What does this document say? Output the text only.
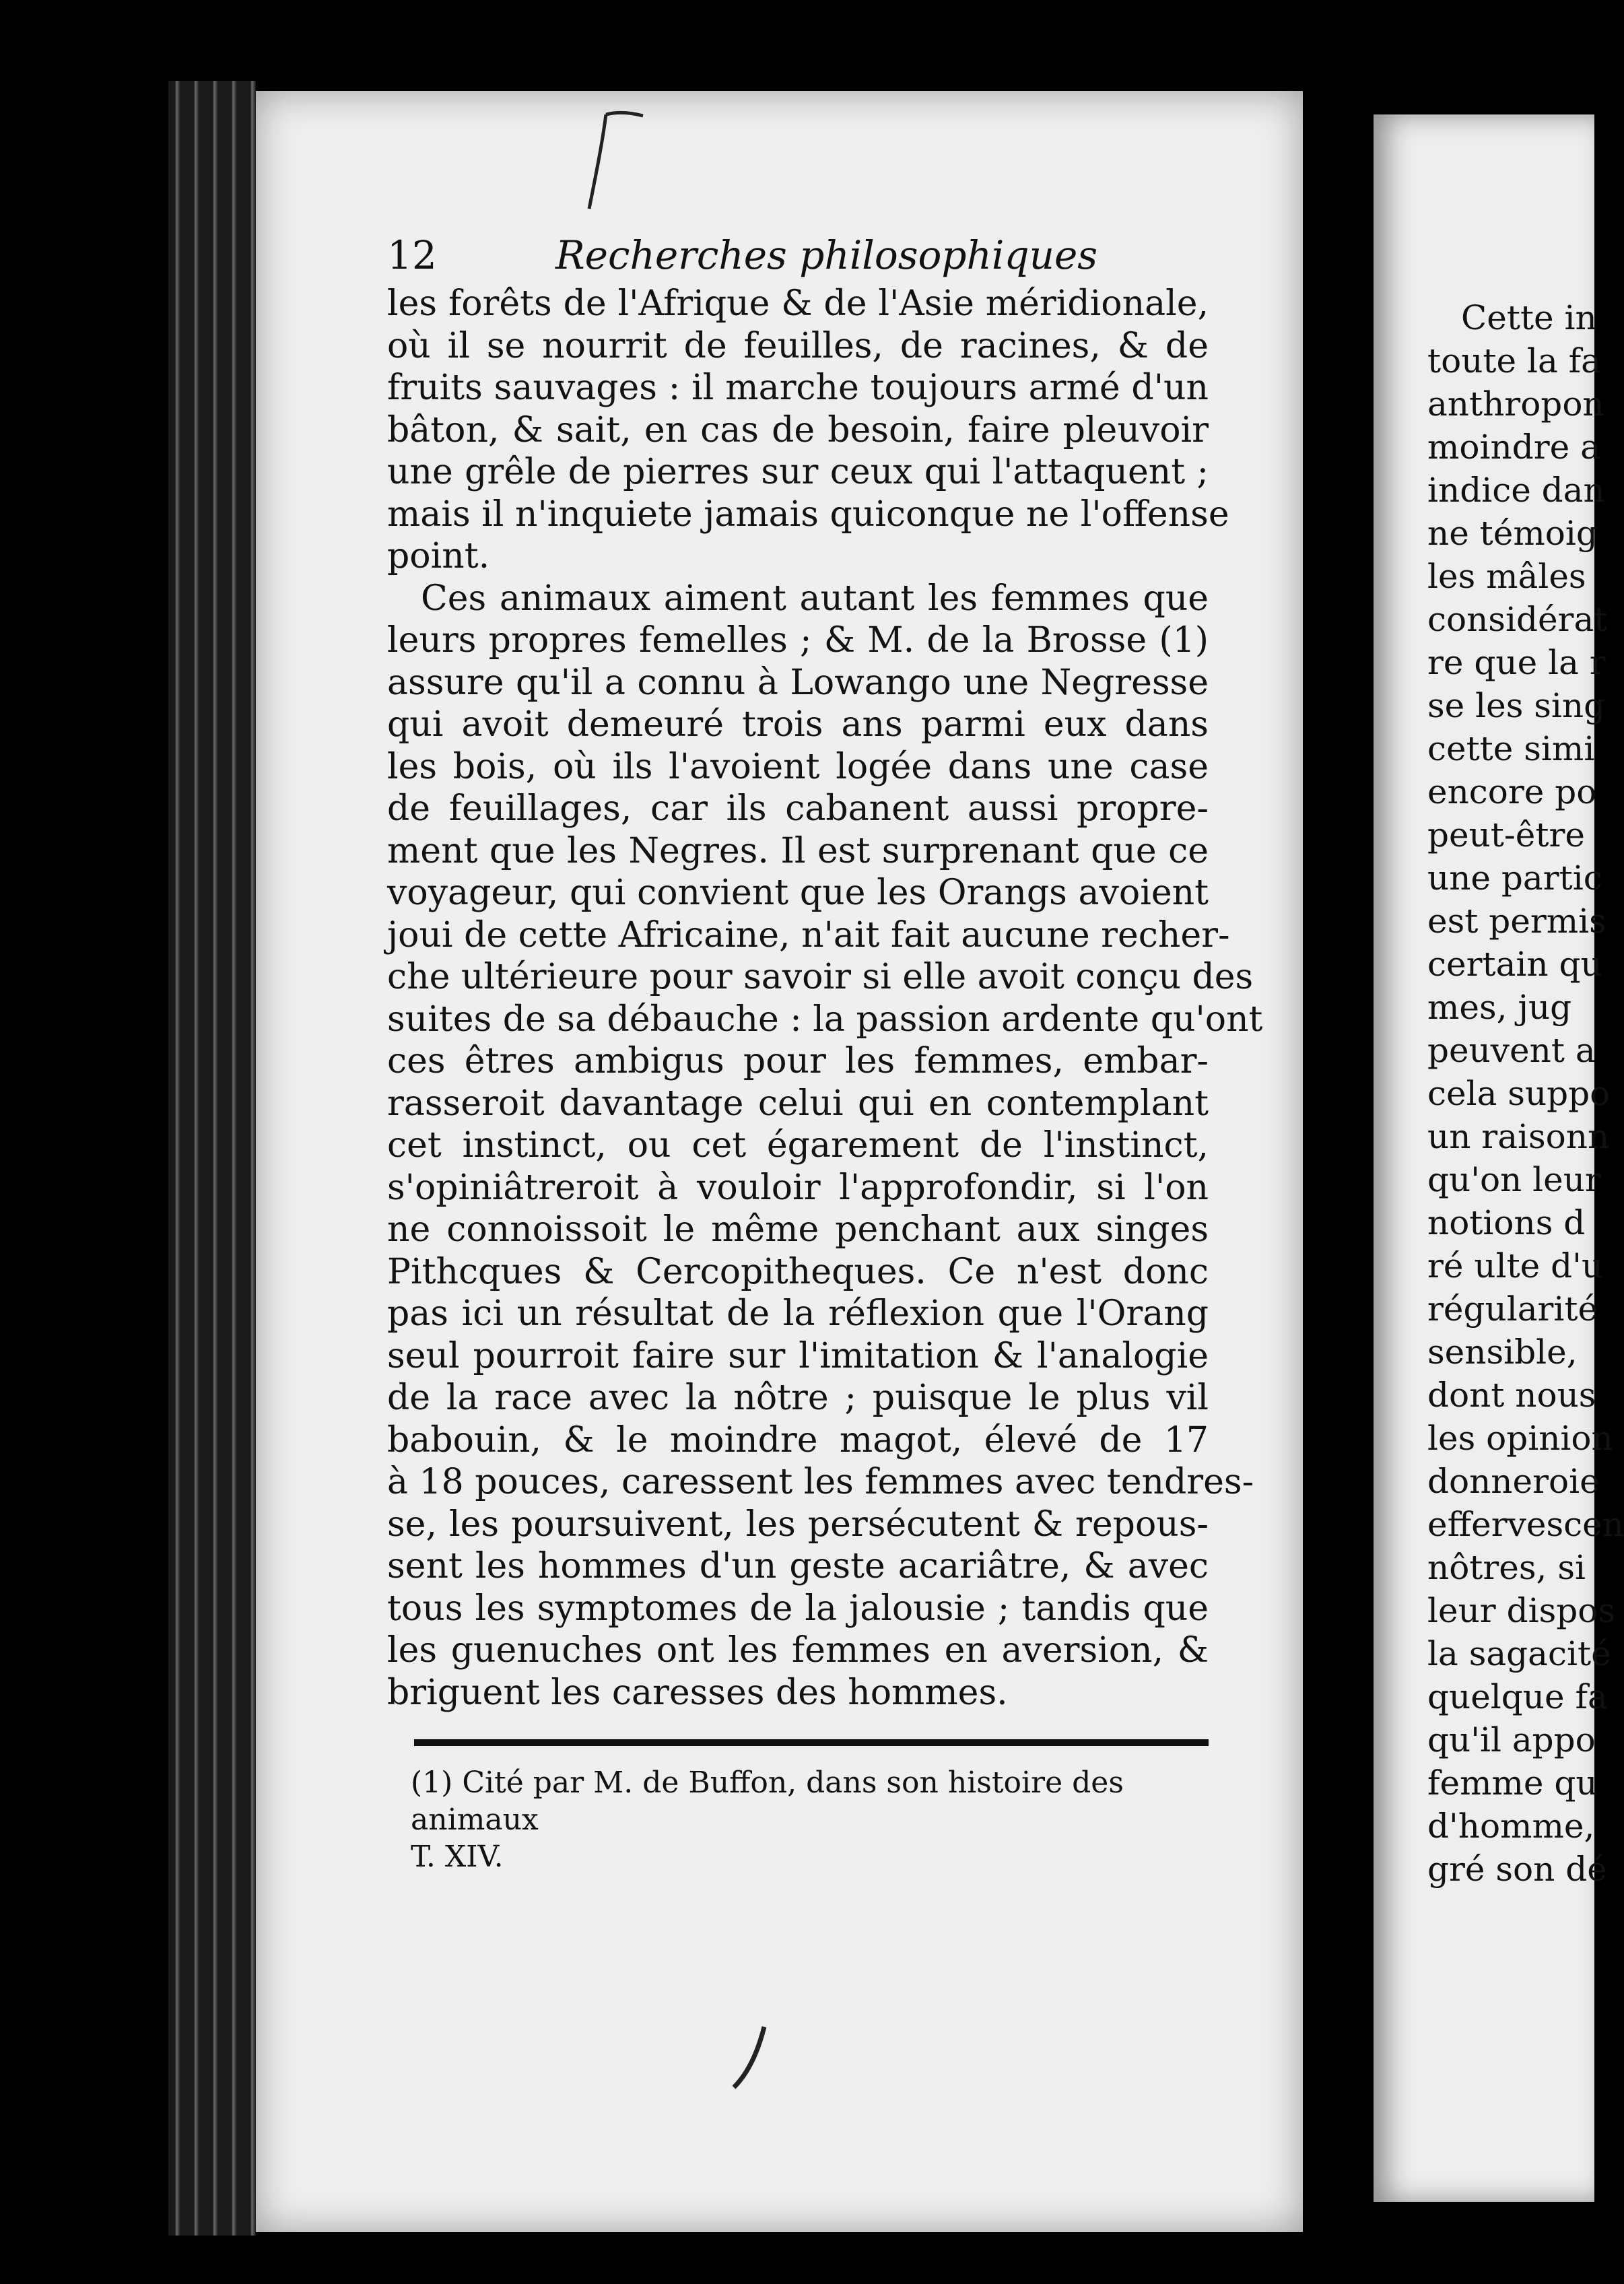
12	Recherches philosophiques
les forêts de l'Afrique & de l'Asie méridionale,
où il se nourrit de feuilles, de racines, & de
fruits sauvages : il marche toujours armé d'un
bâton, & sait, en cas de besoin, faire pleuvoir
une grêle de pierres sur ceux qui l'attaquent ;
mais il n'inquiete jamais quiconque ne l'offense
point.
Ces animaux aiment autant les femmes que
leurs propres femelles ; & M. de la Brosse (1)
assure qu'il a connu à Lowango une Negresse
qui avoit demeuré trois ans parmi eux dans
les bois, où ils l'avoient logée dans une case
de feuillages, car ils cabanent aussi propre-
ment que les Negres. Il est surprenant que ce
voyageur, qui convient que les Orangs avoient
joui de cette Africaine, n'ait fait aucune recher-
che ultérieure pour savoir si elle avoit conçu des
suites de sa débauche : la passion ardente qu'ont
ces êtres ambigus pour les femmes, embar-
rasseroit davantage celui qui en contemplant
cet instinct, ou cet égarement de l'instinct,
s'opiniâtreroit à vouloir l'approfondir, si l'on
ne connoissoit le même penchant aux singes
Pithcques & Cercopitheques. Ce n'est donc
pas ici un résultat de la réflexion que l'Orang
seul pourroit faire sur l'imitation & l'analogie
de la race avec la nôtre ; puisque le plus vil
babouin, & le moindre magot, élevé de 17
à 18 pouces, caressent les femmes avec tendres-
se, les poursuivent, les persécutent & repous-
sent les hommes d'un geste acariâtre, & avec
tous les symptomes de la jalousie ; tandis que
les guenuches ont les femmes en aversion, &
briguent les caresses des hommes.
(1) Cité par M. de Buffon, dans son histoire des animaux
T. XIV.
Cette in
toute la fa
anthropon
moindre a
indice dan
ne témoig
les mâles
considérat
re que la r
se les sing
cette simi
encore po
peut-être
une partic
est permis
certain qu
mes, jug
peuvent a
cela suppo
un raisonn
qu'on leur
notions d
ré ulte d'u
régularité
sensible,
dont nous
les opinion
donneroie
effervescen
nôtres, si
leur dispos
la sagacité
quelque fa
qu'il appo
femme qu
d'homme,
gré son dé
